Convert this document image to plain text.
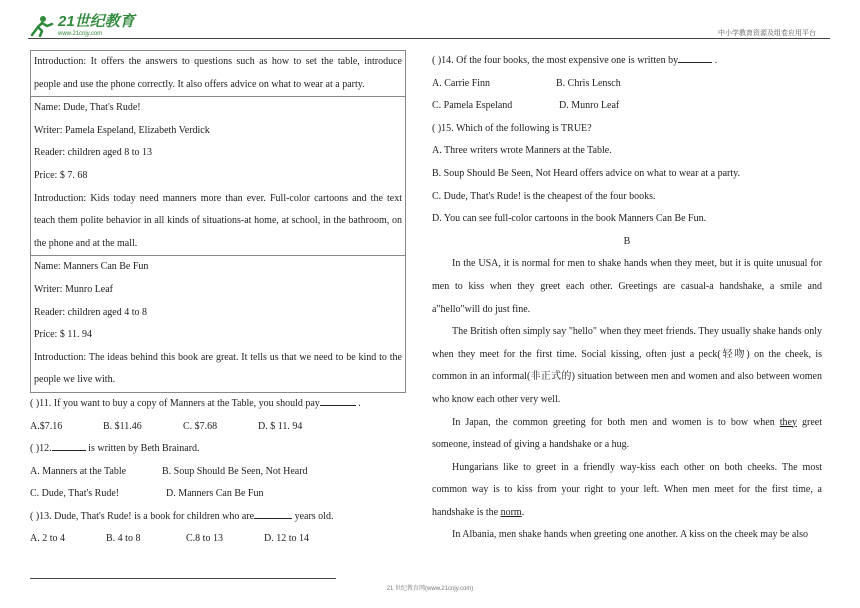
21世纪教育
www.21cnjy.com	中小学教育资源及组卷应用平台

Introduction: It offers the answers to questions such as how to set the table, introduce people and use the phone correctly. It also offers advice on what to wear at a party.

Name: Dude, That's Rude!

Writer: Pamela Espeland, Elizabeth Verdick

Reader: children aged 8 to 13

Price: $ 7. 68

Introduction: Kids today need manners more than ever. Full-color cartoons and the text teach them polite behavior in all kinds of situations-at home, at school, in the bathroom, on the phone and at the mall.

Name: Manners Can Be Fun

Writer: Munro Leaf

Reader: children aged 4 to 8

Price: $ 11. 94

Introduction: The ideas behind this book are great. It tells us that we need to be kind to the people we live with.

( )11. If you want to buy a copy of Manners at the Table, you should pay	.

A.$7.16	B. $11.46	C. $7.68	D. $ 11. 94

( )12.	is written by Beth Brainard.

A. Manners at the Table	B. Soup Should Be Seen, Not Heard
C. Dude, That's Rude!	D. Manners Can Be Fun

( )13. Dude, That's Rude! is a book for children who are	years old.

A. 2 to 4	B. 4 to 8	C.8 to 13	D. 12 to 14

( )14. Of the four books, the most expensive one is written by	.

A. Carrie Finn	B. Chris Lensch
C. Pamela Espeland	D. Munro Leaf

( )15. Which of the following is TRUE?

A. Three writers wrote Manners at the Table.

B. Soup Should Be Seen, Not Heard offers advice on what to wear at a party.

C. Dude, That's Rude! is the cheapest of the four books.

D. You can see full-color cartoons in the book Manners Can Be Fun.

B

In the USA, it is normal for men to shake hands when they meet, but it is quite unusual for men to kiss when they greet each other. Greetings are casual-a handshake, a smile and a"hello"will do just fine.

The British often simply say "hello" when they meet friends. They usually shake hands only when they meet for the first time. Social kissing, often just a peck(轻吻) on the cheek, is common in an informal(非正式的) situation between men and women and also between women who know each other very well.

In Japan, the common greeting for both men and women is to bow when they greet someone, instead of giving a handshake or a hug.

Hungarians like to greet in a friendly way-kiss each other on both cheeks. The most common way is to kiss from your right to your left. When men meet for the first time, a handshake is the norm.

In Albania, men shake hands when greeting one another. A kiss on the cheek may be also

21 世纪教育网(www.21cnjy.com)
